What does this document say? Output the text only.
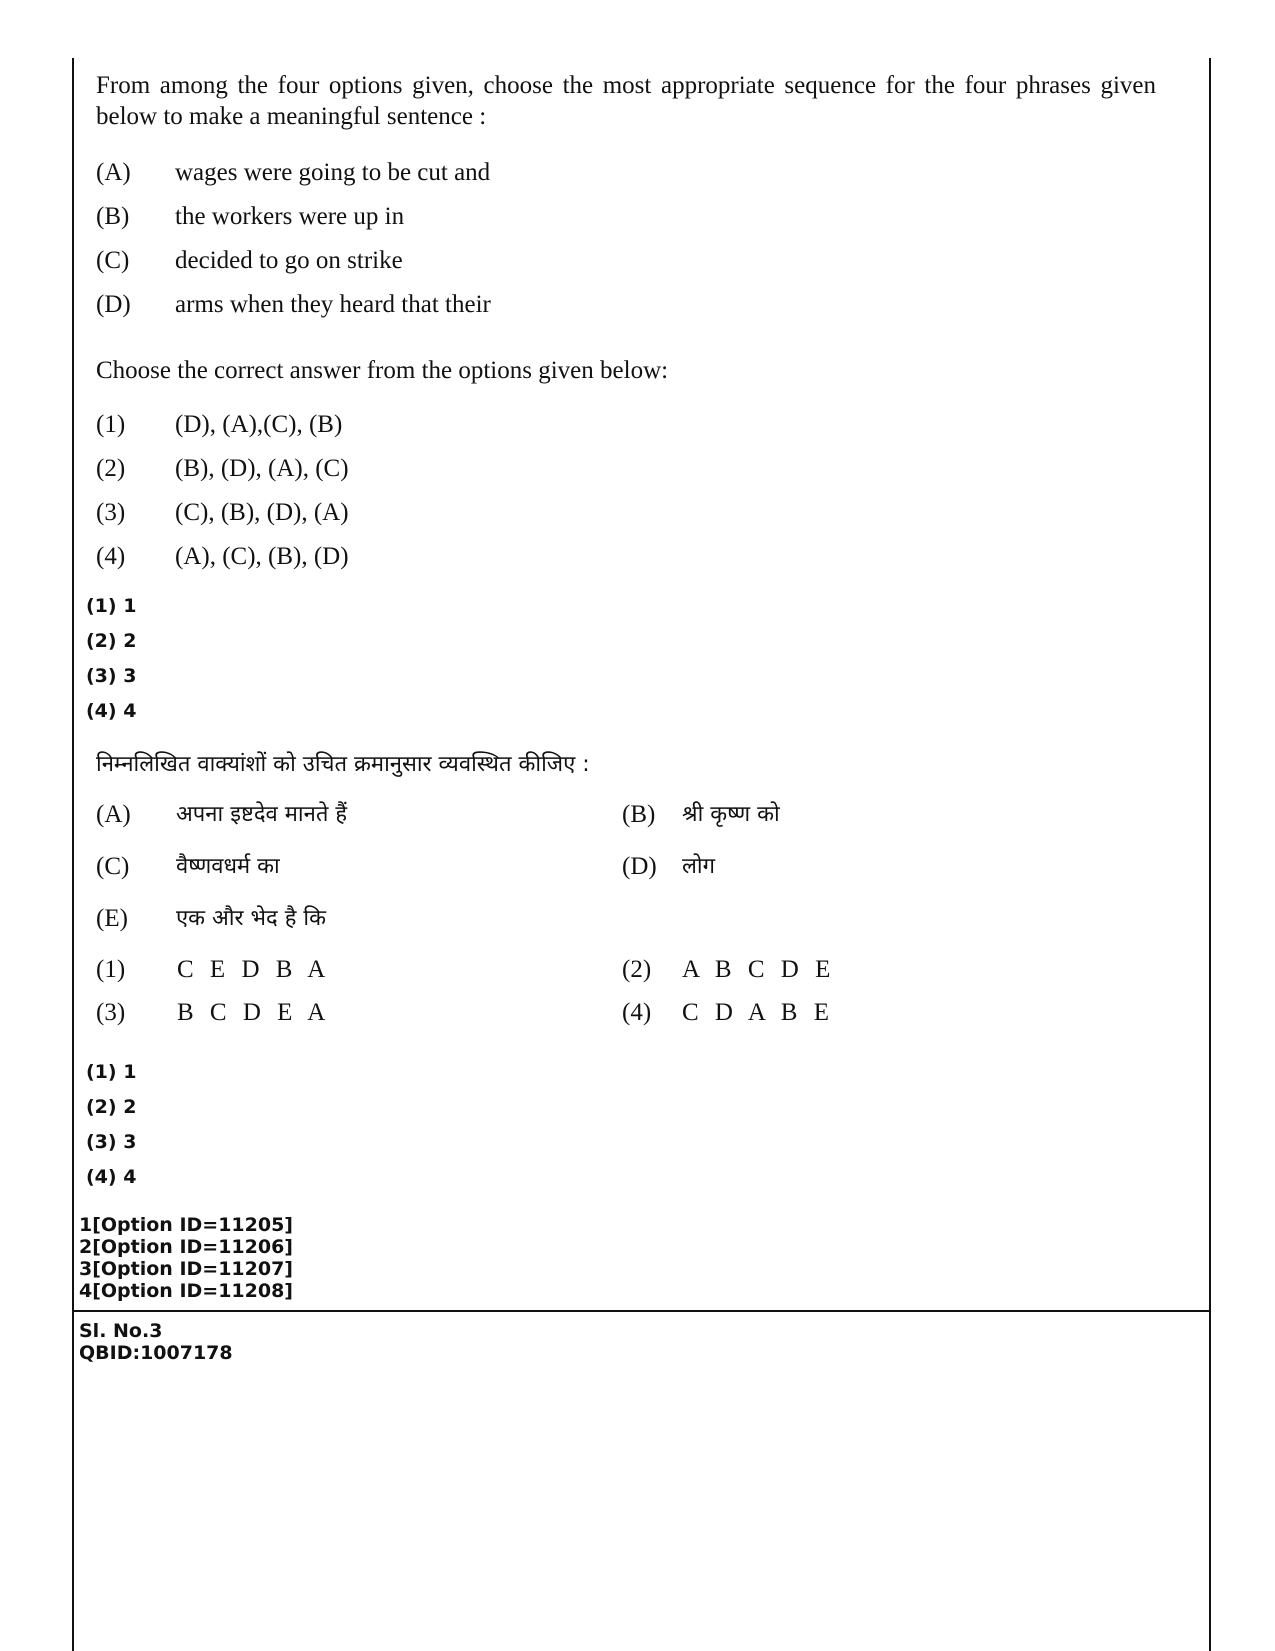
From among the four options given, choose the most appropriate sequence for the four phrases given below to make a meaningful sentence :
(A) wages were going to be cut and
(B) the workers were up in
(C) decided to go on strike
(D) arms when they heard that their
Choose the correct answer from the options given below:
(1) (D), (A),(C), (B)
(2) (B), (D), (A), (C)
(3) (C), (B), (D), (A)
(4) (A), (C), (B), (D)
(1) 1
(2) 2
(3) 3
(4) 4
निम्नलिखित वाक्यांशों को उचित क्रमानुसार व्यवस्थित कीजिए :
(A) अपना इष्टदेव मानते हैं	(B) श्री कृष्ण को
(C) वैष्णवधर्म का	(D) लोग
(E) एक और भेद है कि
(1) C E D B A	(2) A B C D E
(3) B C D E A	(4) C D A B E
(1) 1
(2) 2
(3) 3
(4) 4
1[Option ID=11205]
2[Option ID=11206]
3[Option ID=11207]
4[Option ID=11208]
Sl. No.3
QBID:1007178
